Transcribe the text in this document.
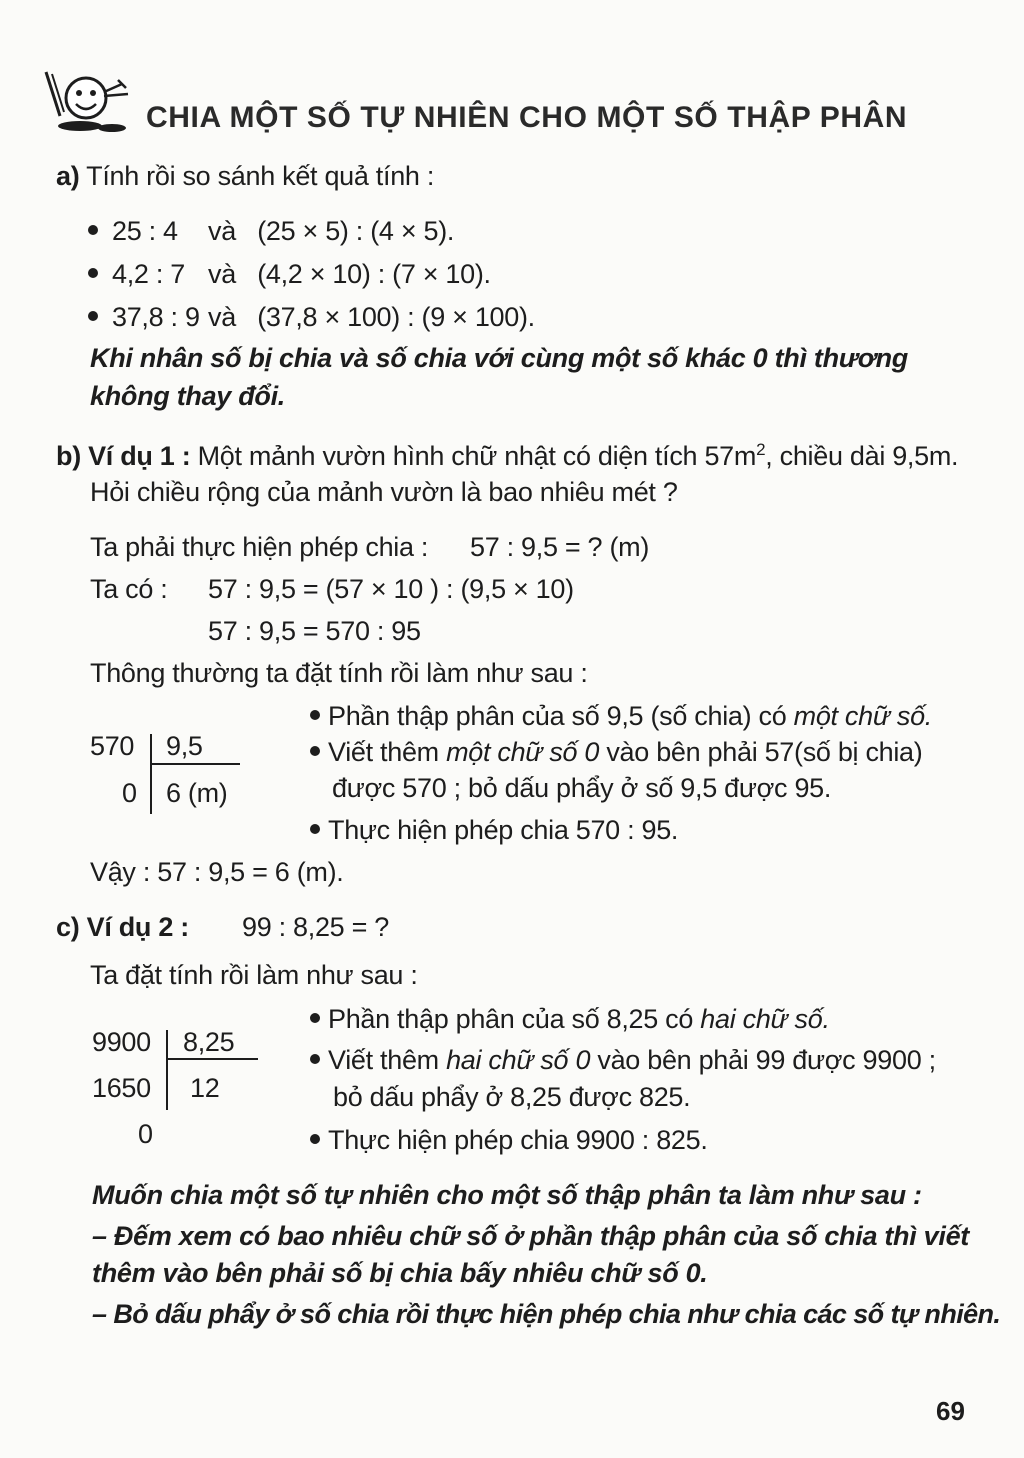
CHIA MỘT SỐ TỰ NHIÊN CHO MỘT SỐ THẬP PHÂN
a) Tính rồi so sánh kết quả tính :
25 : 4 và (25 × 5) : (4 × 5).
4,2 : 7 và (4,2 × 10) : (7 × 10).
37,8 : 9 và (37,8 × 100) : (9 × 100).
Khi nhân số bị chia và số chia với cùng một số khác 0 thì thương
không thay đổi.
b) Ví dụ 1 : Một mảnh vườn hình chữ nhật có diện tích $57m^2$, chiều dài 9,5m.
Hỏi chiều rộng của mảnh vườn là bao nhiêu mét ?
Ta phải thực hiện phép chia : 57 : 9,5 = ? (m)
Ta có : 57 : 9,5 = (57 × 10 ) : (9,5 × 10)
57 : 9,5 = 570 : 95
Thông thường ta đặt tính rồi làm như sau :
570 9,5
0 6 (m)
Phần thập phân của số 9,5 (số chia) có một chữ số.
Viết thêm một chữ số 0 vào bên phải 57(số bị chia)
được 570 ; bỏ dấu phẩy ở số 9,5 được 95.
Thực hiện phép chia 570 : 95.
Vậy : 57 : 9,5 = 6 (m).
c) Ví dụ 2 : 99 : 8,25 = ?
Ta đặt tính rồi làm như sau :
9900 8,25
1650 12
0
Phần thập phân của số 8,25 có hai chữ số.
Viết thêm hai chữ số 0 vào bên phải 99 được 9900 ;
bỏ dấu phẩy ở 8,25 được 825.
Thực hiện phép chia 9900 : 825.
Muốn chia một số tự nhiên cho một số thập phân ta làm như sau :
– Đếm xem có bao nhiêu chữ số ở phần thập phân của số chia thì viết
thêm vào bên phải số bị chia bấy nhiêu chữ số 0.
– Bỏ dấu phẩy ở số chia rồi thực hiện phép chia như chia các số tự nhiên.
69
